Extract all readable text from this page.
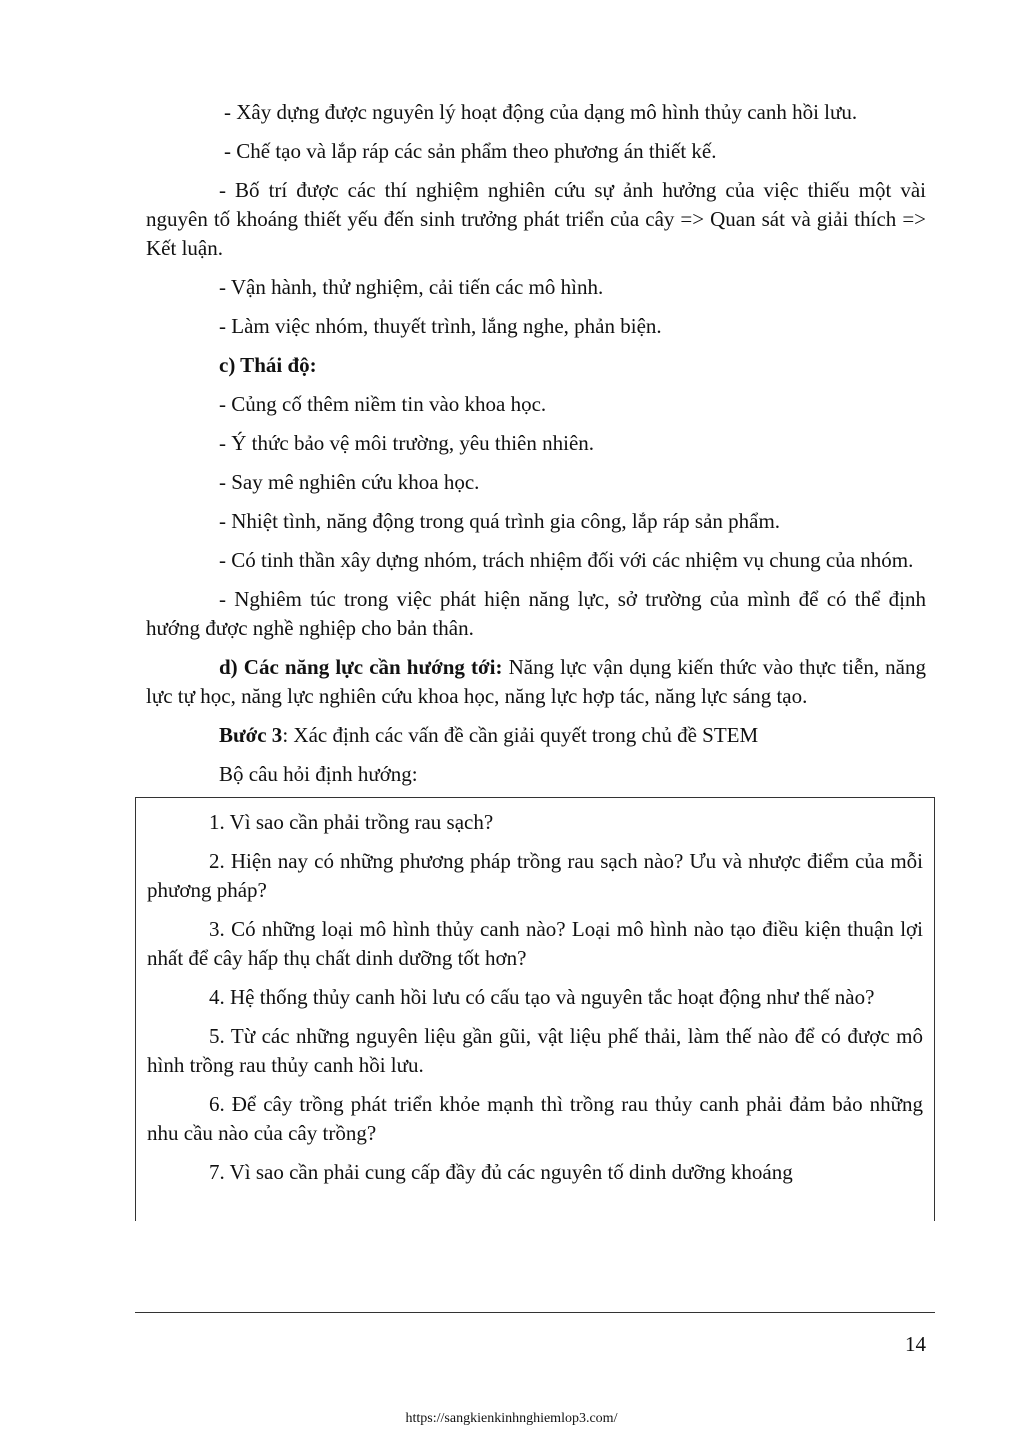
- Xây dựng được nguyên lý hoạt động của dạng mô hình thủy canh hồi lưu.

- Chế tạo và lắp ráp các sản phẩm theo phương án thiết kế.

- Bố trí được các thí nghiệm nghiên cứu sự ảnh hưởng của việc thiếu một vài nguyên tố khoáng thiết yếu đến sinh trưởng phát triển của cây => Quan sát và giải thích => Kết luận.

- Vận hành, thử nghiệm, cải tiến các mô hình.

- Làm việc nhóm, thuyết trình, lắng nghe, phản biện.

c) Thái độ:

- Củng cố thêm niềm tin vào khoa học.

- Ý thức bảo vệ môi trường, yêu thiên nhiên.

- Say mê nghiên cứu khoa học.

- Nhiệt tình, năng động trong quá trình gia công, lắp ráp sản phẩm.

- Có tinh thần xây dựng nhóm, trách nhiệm đối với các nhiệm vụ chung của nhóm.

- Nghiêm túc trong việc phát hiện năng lực, sở trường của mình để có thể định hướng được nghề nghiệp cho bản thân.

d) Các năng lực cần hướng tới: Năng lực vận dụng kiến thức vào thực tiễn, năng lực tự học, năng lực nghiên cứu khoa học, năng lực hợp tác, năng lực sáng tạo.

Bước 3: Xác định các vấn đề cần giải quyết trong chủ đề STEM

Bộ câu hỏi định hướng:

1. Vì sao cần phải trồng rau sạch?

2. Hiện nay có những phương pháp trồng rau sạch nào? Ưu và nhược điểm của mỗi phương pháp?

3. Có những loại mô hình thủy canh nào? Loại mô hình nào tạo điều kiện thuận lợi nhất để cây hấp thụ chất dinh dưỡng tốt hơn?

4. Hệ thống thủy canh hồi lưu có cấu tạo và nguyên tắc hoạt động như thế nào?

5. Từ các những nguyên liệu gần gũi, vật liệu phế thải, làm thế nào để có được mô hình trồng rau thủy canh hồi lưu.

6. Để cây trồng phát triển khỏe mạnh thì trồng rau thủy canh phải đảm bảo những nhu cầu nào của cây trồng?

7. Vì sao cần phải cung cấp đầy đủ các nguyên tố dinh dưỡng khoáng

14
https://sangkienkinhnghiemlop3.com/
